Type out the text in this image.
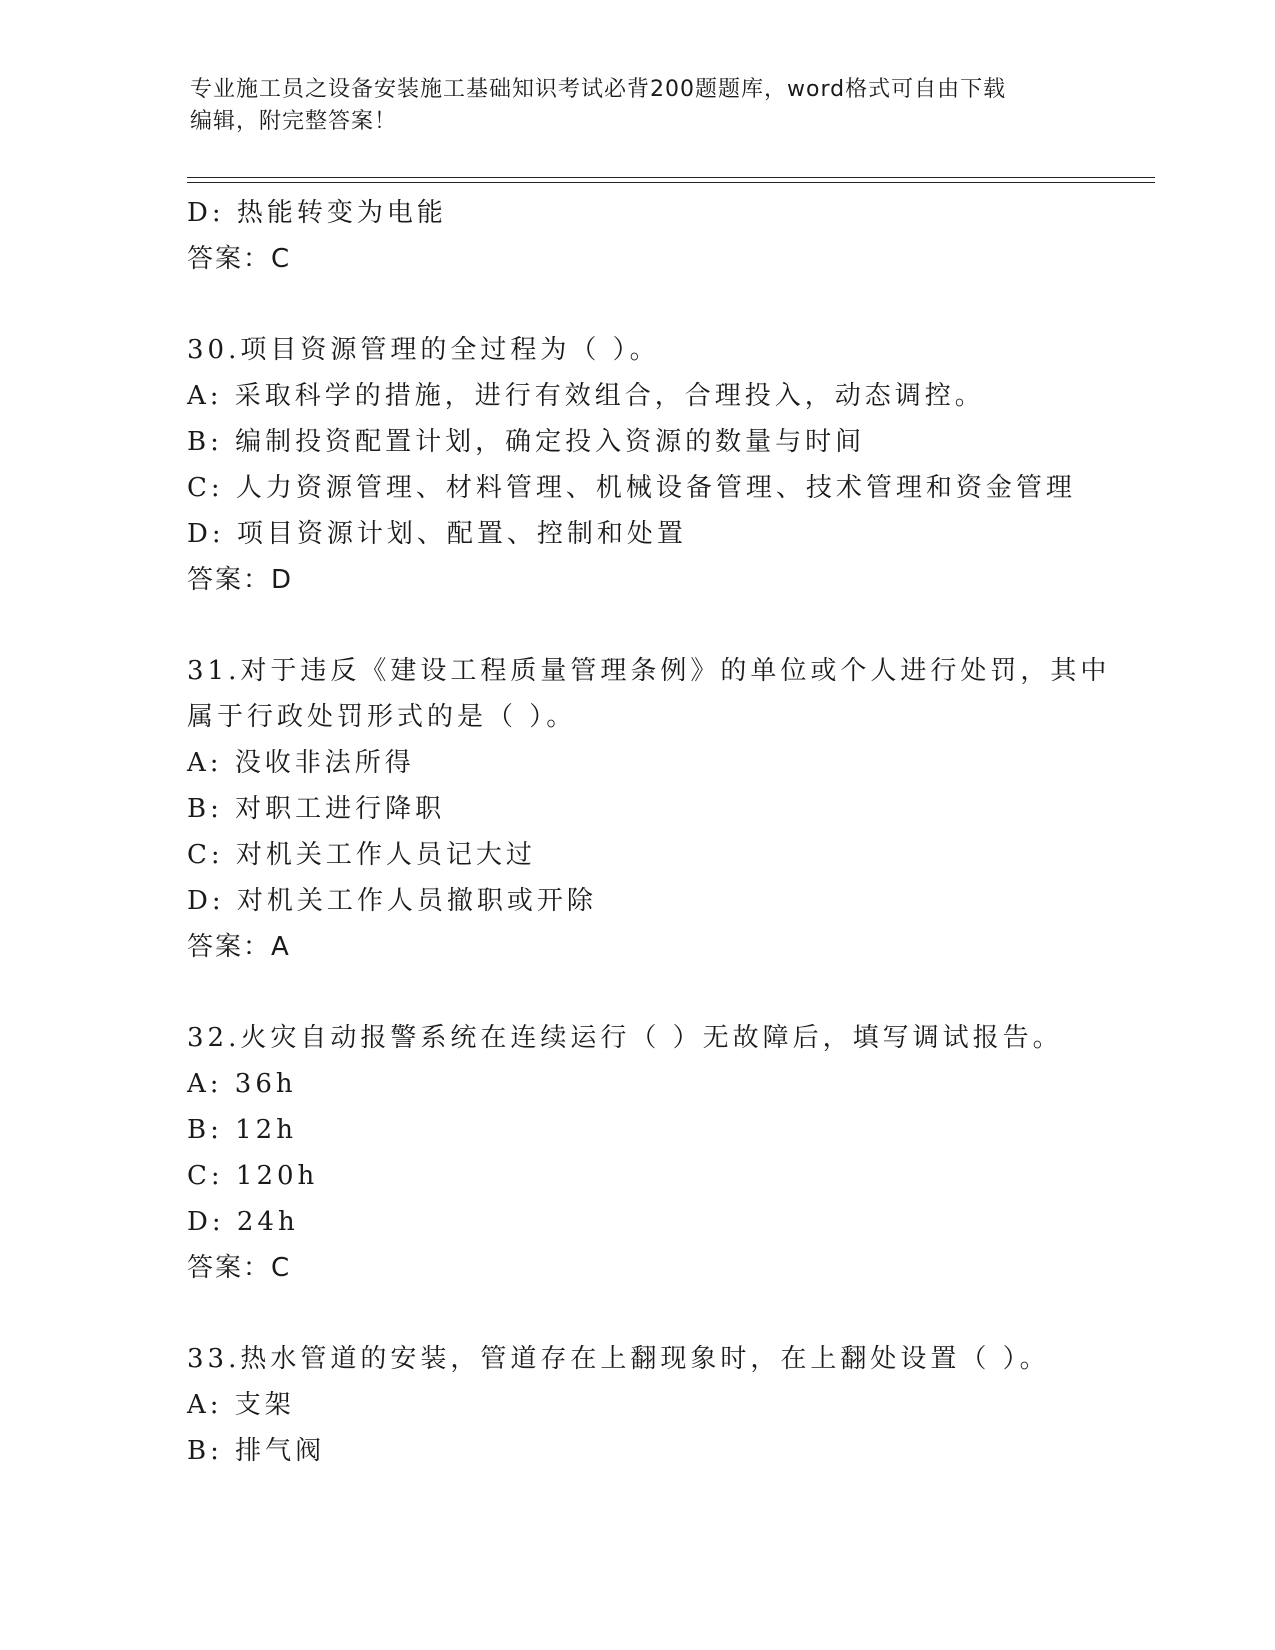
专业施工员之设备安装施工基础知识考试必背200题题库，word格式可自由下载
编辑，附完整答案！
D: 热能转变为电能
答案：C
30.项目资源管理的全过程为（ ）。
A: 采取科学的措施，进行有效组合，合理投入，动态调控。
B: 编制投资配置计划，确定投入资源的数量与时间
C: 人力资源管理、材料管理、机械设备管理、技术管理和资金管理
D: 项目资源计划、配置、控制和处置
答案：D
31.对于违反《建设工程质量管理条例》的单位或个人进行处罚，其中
属于行政处罚形式的是（ ）。
A: 没收非法所得
B: 对职工进行降职
C: 对机关工作人员记大过
D: 对机关工作人员撤职或开除
答案：A
32.火灾自动报警系统在连续运行（ ）无故障后，填写调试报告。
A: 36h
B: 12h
C: 120h
D: 24h
答案：C
33.热水管道的安装，管道存在上翻现象时，在上翻处设置（ ）。
A: 支架
B: 排气阀
